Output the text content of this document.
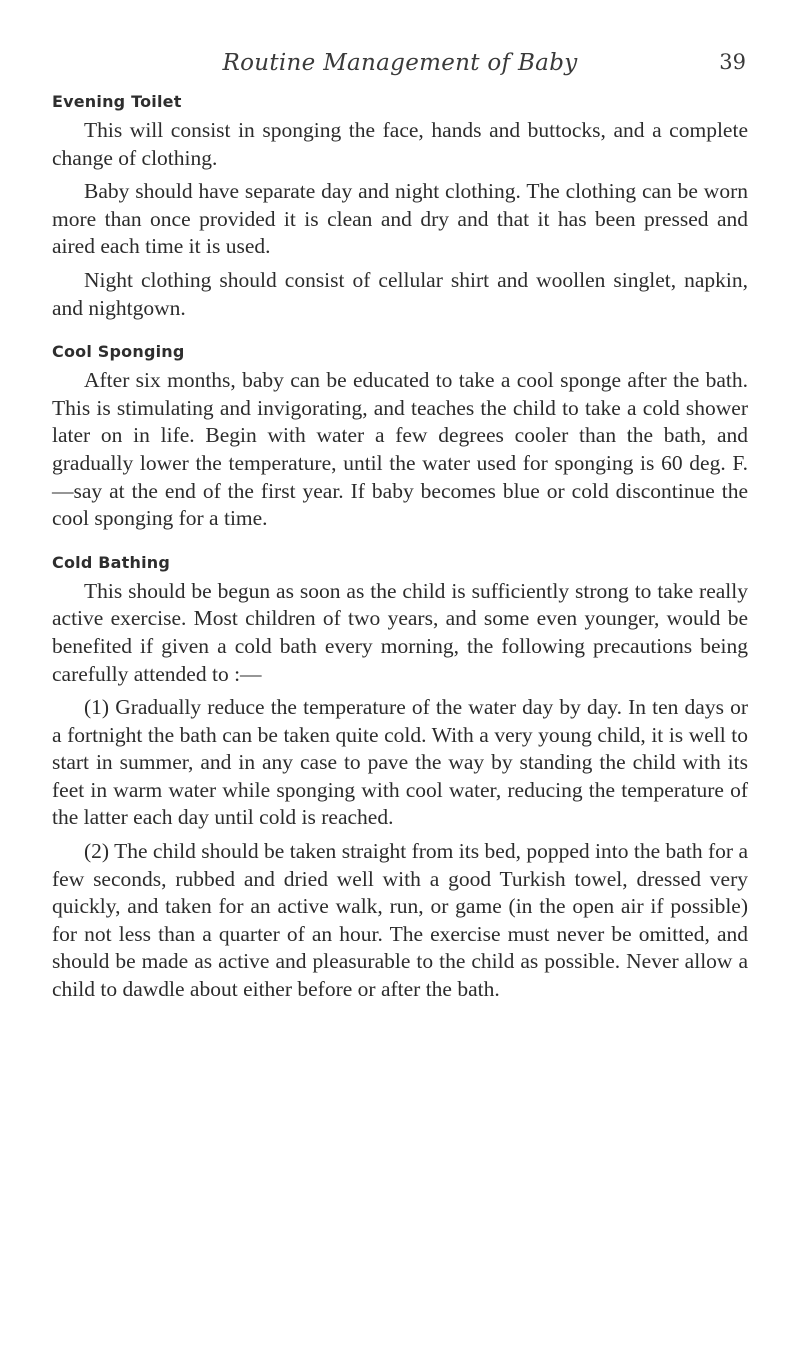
Routine Management of Baby	39
Evening Toilet

This will consist in sponging the face, hands and buttocks, and a complete change of clothing.

Baby should have separate day and night clothing. The clothing can be worn more than once provided it is clean and dry and that it has been pressed and aired each time it is used.

Night clothing should consist of cellular shirt and woollen singlet, napkin, and nightgown.

Cool Sponging

After six months, baby can be educated to take a cool sponge after the bath. This is stimulating and invigorating, and teaches the child to take a cold shower later on in life. Begin with water a few degrees cooler than the bath, and gradually lower the temperature, until the water used for sponging is 60 deg. F.—say at the end of the first year. If baby becomes blue or cold discontinue the cool sponging for a time.

Cold Bathing

This should be begun as soon as the child is sufficiently strong to take really active exercise. Most children of two years, and some even younger, would be benefited if given a cold bath every morning, the following precautions being carefully attended to :—

(1) Gradually reduce the temperature of the water day by day. In ten days or a fortnight the bath can be taken quite cold. With a very young child, it is well to start in summer, and in any case to pave the way by standing the child with its feet in warm water while sponging with cool water, reducing the temperature of the latter each day until cold is reached.

(2) The child should be taken straight from its bed, popped into the bath for a few seconds, rubbed and dried well with a good Turkish towel, dressed very quickly, and taken for an active walk, run, or game (in the open air if possible) for not less than a quarter of an hour. The exercise must never be omitted, and should be made as active and pleasurable to the child as possible. Never allow a child to dawdle about either before or after the bath.
